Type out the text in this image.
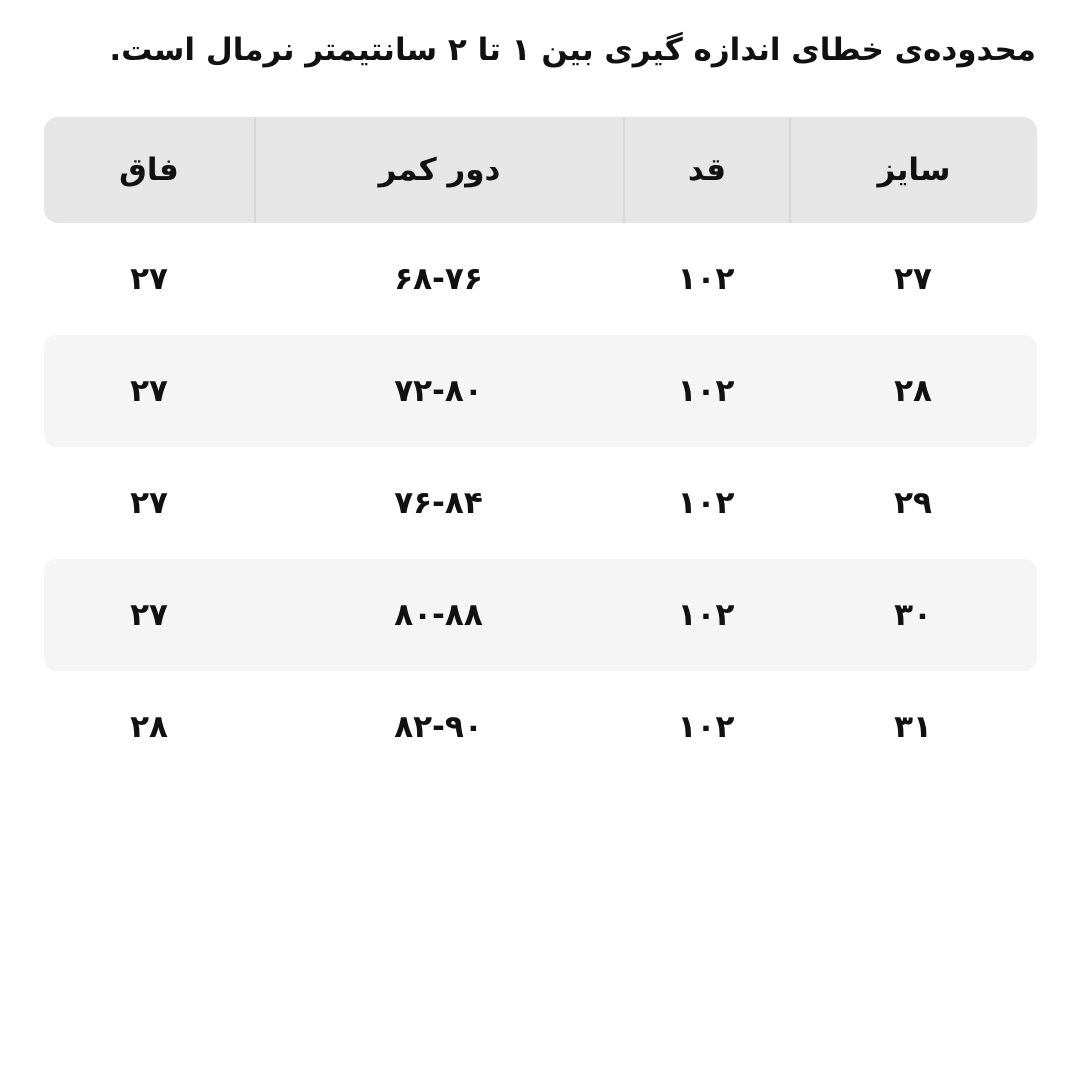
محدوده‌ی خطای اندازه گیری بین ۱ تا ۲ سانتیمتر نرمال است.

سایز
قد
دور کمر
فاق
۲۷
۱۰۲
۶۸-۷۶
۲۷
۲۸
۱۰۲
۷۲-۸۰
۲۷
۲۹
۱۰۲
۷۶-۸۴
۲۷
۳۰
۱۰۲
۸۰-۸۸
۲۷
۳۱
۱۰۲
۸۲-۹۰
۲۸
